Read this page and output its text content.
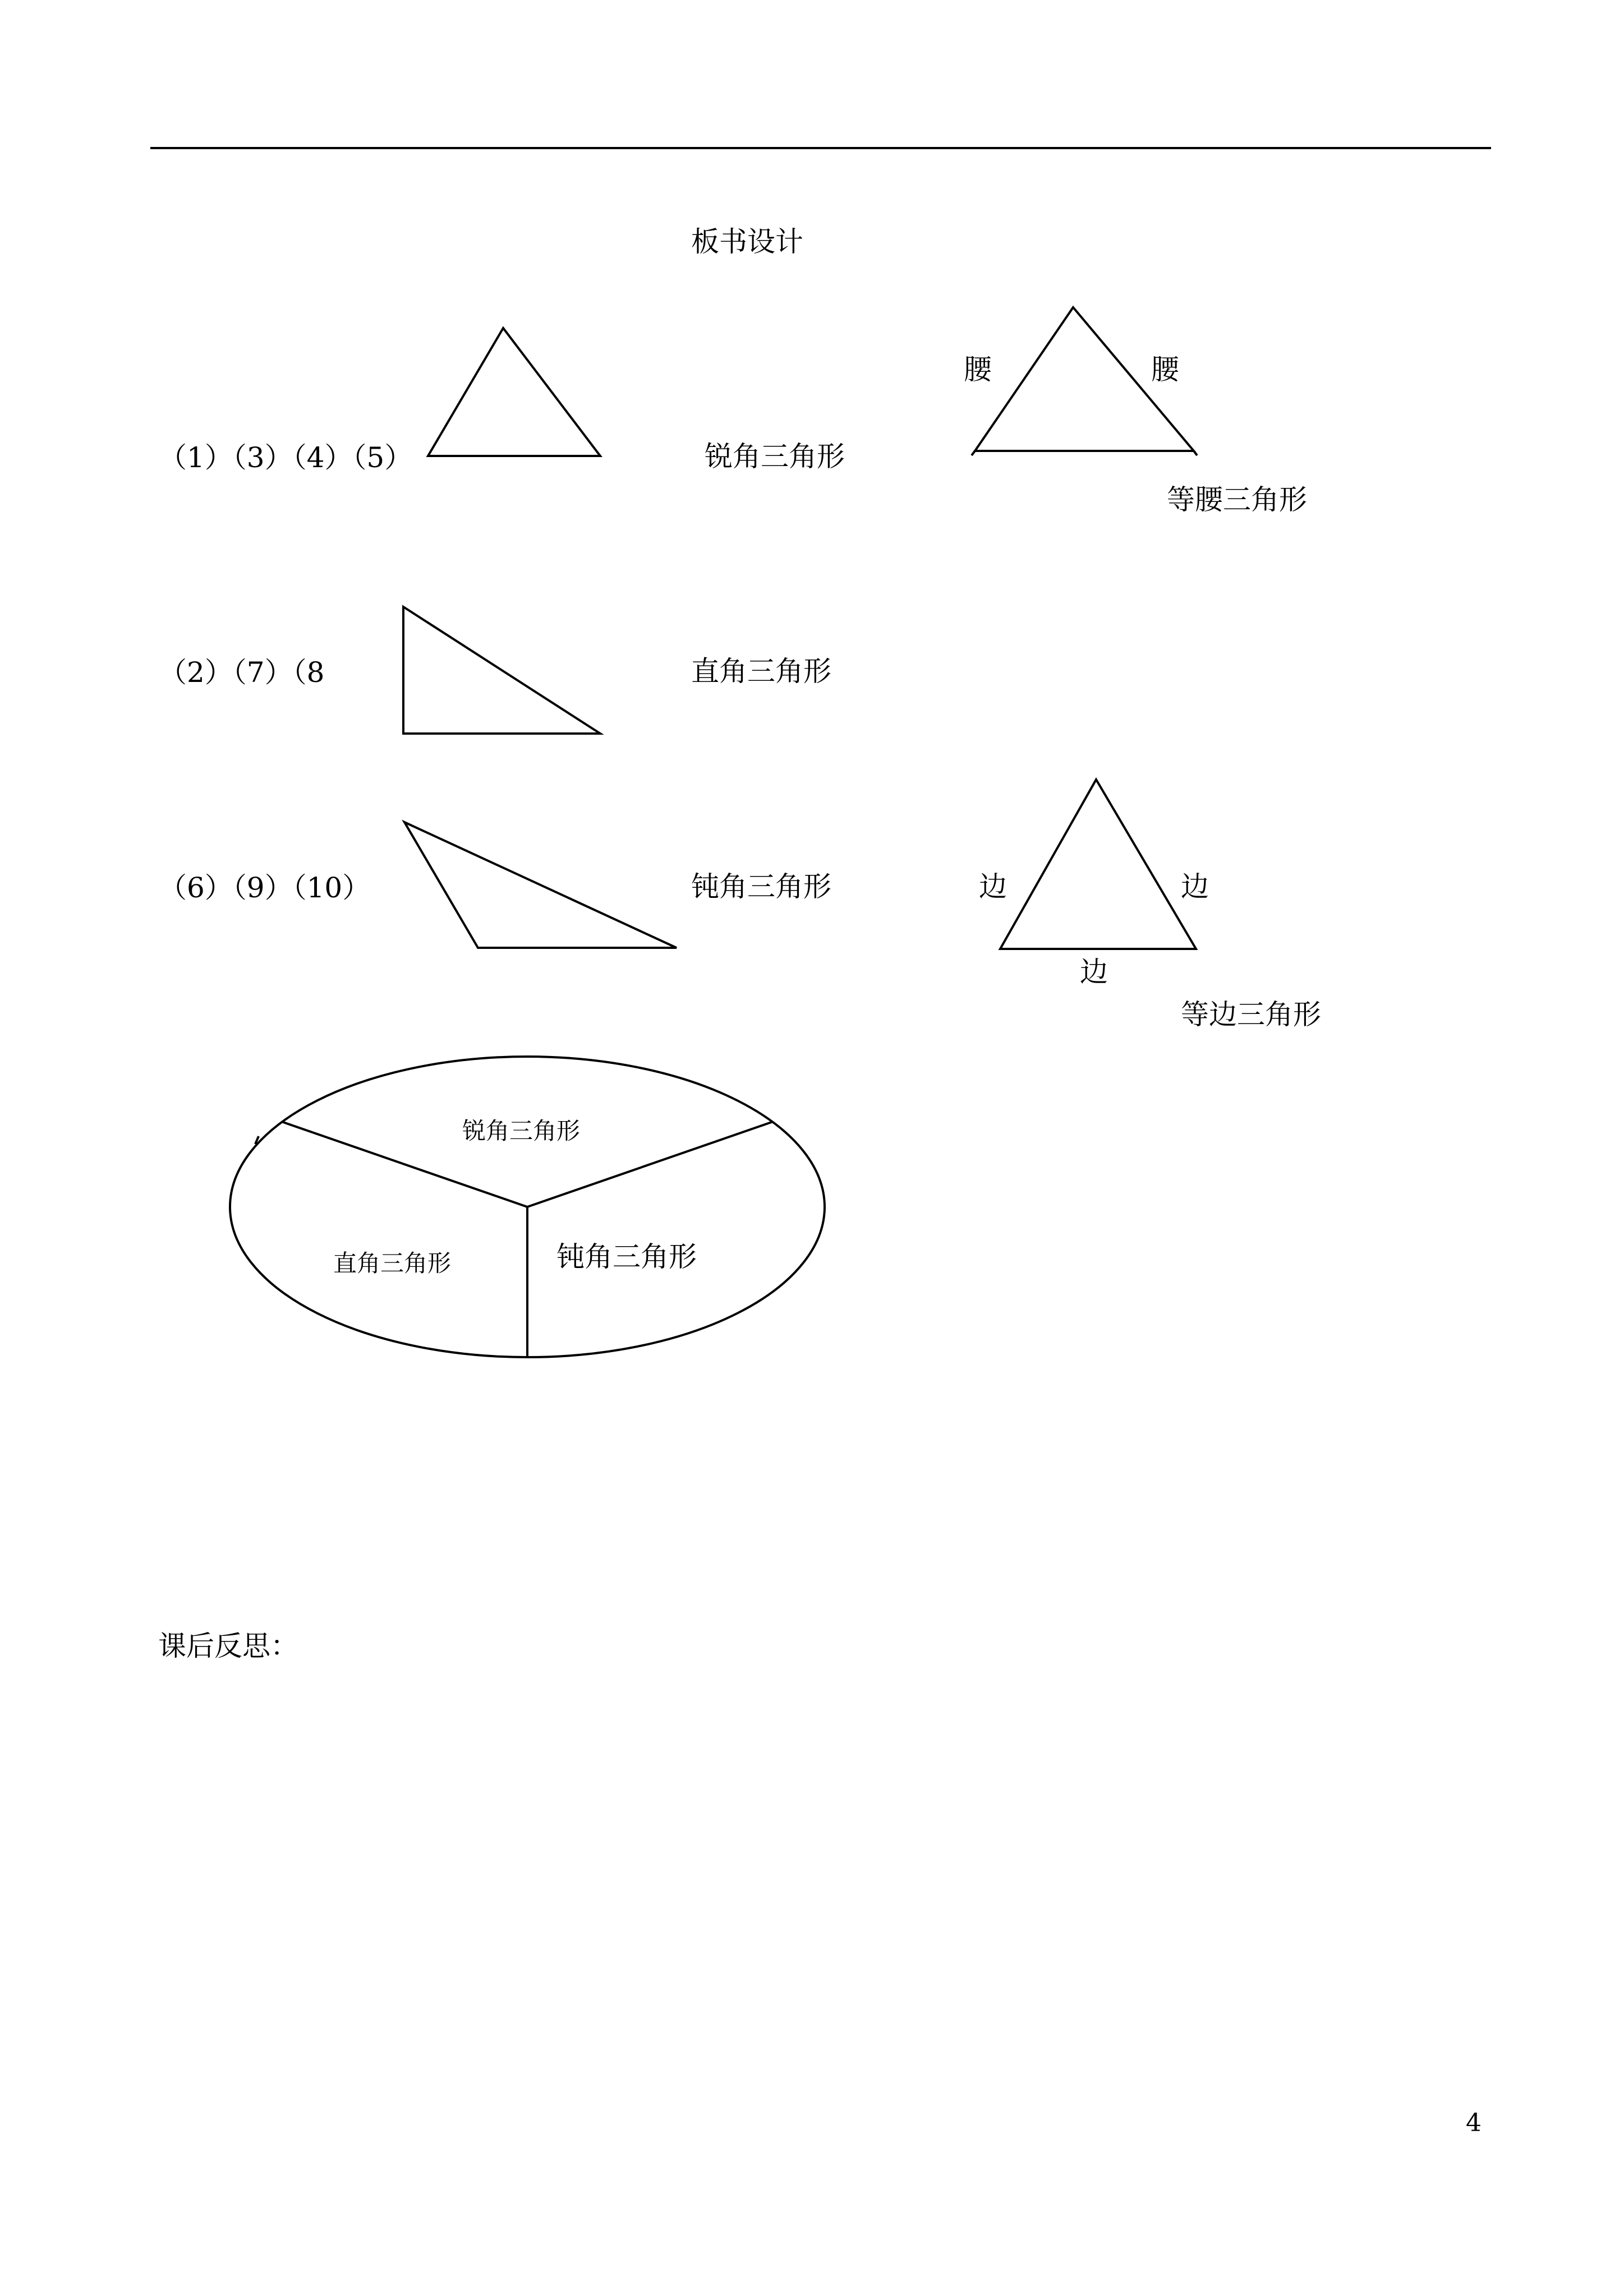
板书设计
（1）（3）（4）（5）	锐角三角形
腰	腰
等腰三角形
（2）（7）（8	直角三角形
（6）（9）（10）	钝角三角形	边	边
边
等边三角形
锐角三角形
直角三角形	钝角三角形
课后反思：
4
